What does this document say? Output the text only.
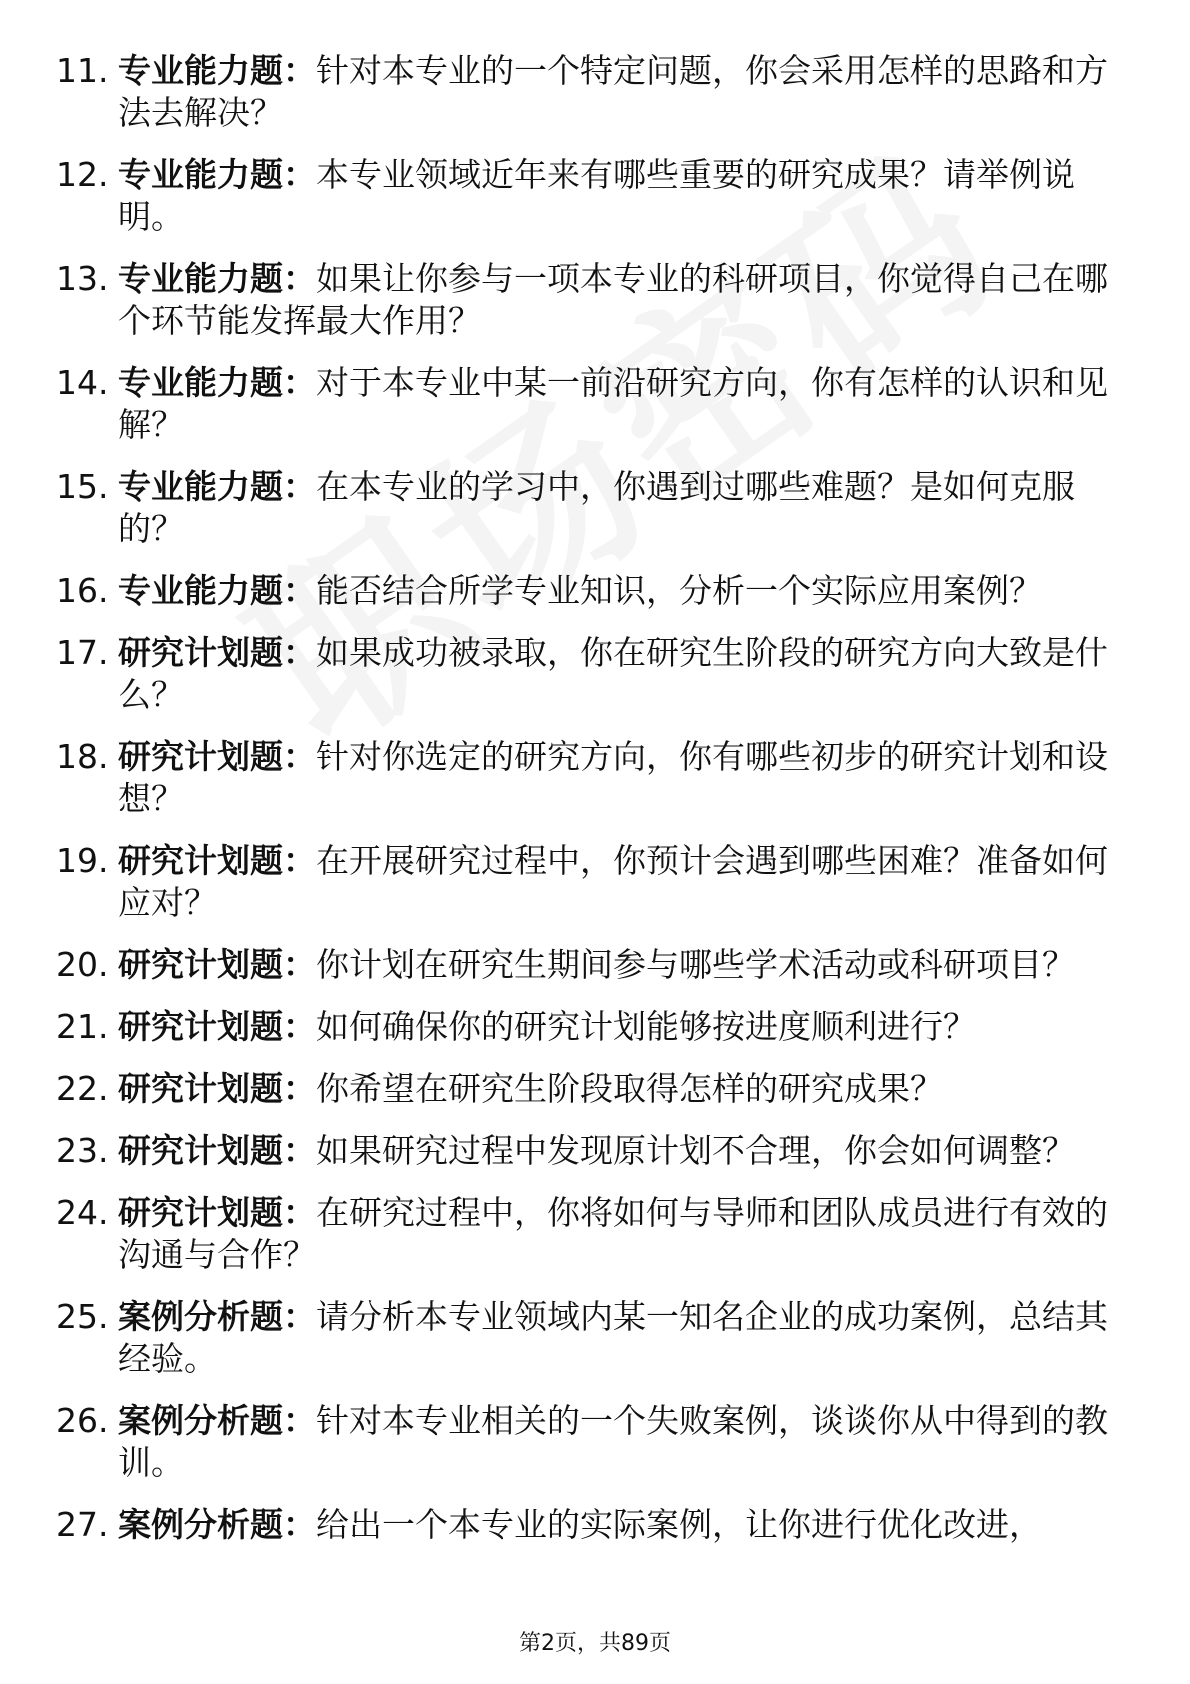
11. 专业能力题：针对本专业的一个特定问题，你会采用怎样的思路和方法去解决？
12. 专业能力题：本专业领域近年来有哪些重要的研究成果？请举例说明。
13. 专业能力题：如果让你参与一项本专业的科研项目，你觉得自己在哪个环节能发挥最大作用？
14. 专业能力题：对于本专业中某一前沿研究方向，你有怎样的认识和见解？
15. 专业能力题：在本专业的学习中，你遇到过哪些难题？是如何克服的？
16. 专业能力题：能否结合所学专业知识，分析一个实际应用案例？
17. 研究计划题：如果成功被录取，你在研究生阶段的研究方向大致是什么？
18. 研究计划题：针对你选定的研究方向，你有哪些初步的研究计划和设想？
19. 研究计划题：在开展研究过程中，你预计会遇到哪些困难？准备如何应对？
20. 研究计划题：你计划在研究生期间参与哪些学术活动或科研项目？
21. 研究计划题：如何确保你的研究计划能够按进度顺利进行？
22. 研究计划题：你希望在研究生阶段取得怎样的研究成果？
23. 研究计划题：如果研究过程中发现原计划不合理，你会如何调整？
24. 研究计划题：在研究过程中，你将如何与导师和团队成员进行有效的沟通与合作？
25. 案例分析题：请分析本专业领域内某一知名企业的成功案例，总结其经验。
26. 案例分析题：针对本专业相关的一个失败案例，谈谈你从中得到的教训。
27. 案例分析题：给出一个本专业的实际案例，让你进行优化改进，
第2页，共89页
